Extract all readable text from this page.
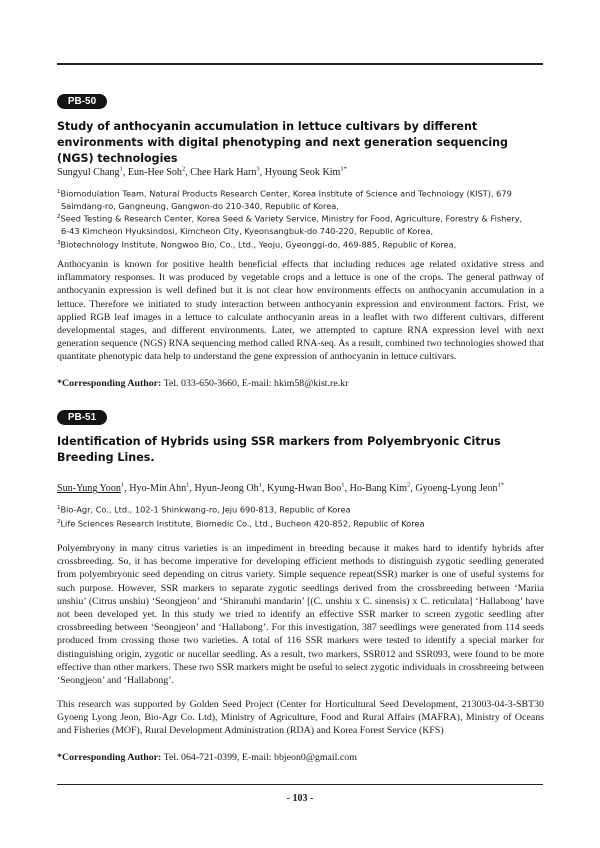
PB-50
Study of anthocyanin accumulation in lettuce cultivars by different environments with digital phenotyping and next generation sequencing (NGS) technologies
Sungyul Chang$^1$, Eun-Hee Soh$^2$, Chee Hark Harn$^3$, Hyoung Seok Kim$^{1*}$
$^1$Biomodulation Team, Natural Products Research Center, Korea Institute of Science and Technology (KIST), 679
Saimdang-ro, Gangneung, Gangwon-do 210-340, Republic of Korea,
$^2$Seed Testing & Research Center, Korea Seed & Variety Service, Ministry for Food, Agriculture, Forestry & Fishery,
6-43 Kimcheon Hyuksindosi, Kimcheon City, Kyeonsangbuk-do 740-220, Republic of Korea,
$^3$Biotechnology Institute, Nongwoo Bio, Co., Ltd., Yeoju, Gyeonggi-do, 469-885, Republic of Korea,

Anthocyanin is known for positive health beneficial effects that including reduces age related oxidative stress and inflammatory responses. It was produced by vegetable crops and a lettuce is one of the crops. The general pathway of anthocyanin expression is well defined but it is not clear how environments effects on anthocyanin accumulation in a lettuce. Therefore we initiated to study interaction between anthocyanin expression and environment factors. Frist, we applied RGB leaf images in a lettuce to calculate anthocyanin areas in a leaflet with two different cultivars, different developmental stages, and different environments. Later, we attempted to capture RNA expression level with next generation sequence (NGS) RNA sequencing method called RNA-seq. As a result, combined two technologies showed that quantitate phenotypic data help to understand the gene expression of anthocyanin in lettuce cultivars.

*Corresponding Author: Tel. 033-650-3660, E-mail: hkim58@kist.re.kr
PB-51
Identification of Hybrids using SSR markers from Polyembryonic Citrus Breeding Lines.
Sun-Yung Yoon$^1$, Hyo-Min Ahn$^1$, Hyun-Jeong Oh$^1$, Kyung-Hwan Boo$^1$, Ho-Bang Kim$^2$, Gyoeng-Lyong Jeon$^{1*}$
$^1$Bio-Agr, Co., Ltd., 102-1 Shinkwang-ro, Jeju 690-813, Republic of Korea
$^2$Life Sciences Research Institute, Biomedic Co., Ltd., Bucheon 420-852, Republic of Korea

Polyembryony in many citrus varieties is an impediment in breeding because it makes hard to identify hybrids after crossbreeding. So, it has become imperative for developing efficient methods to distinguish zygotic seedling generated from polyembryonic seed depending on citrus variety. Simple sequence repeat(SSR) marker is one of useful systems for such purpose. However, SSR markers to separate zygotic seedlings derived from the crossbreeding between ‘Mariia unshiu’ (Citrus unshiu) ‘Seongjeon’ and ‘Shiranuhi mandarin’ [(C. unshiu x C. sinensis) x C. reticulata] ‘Hallabong’ have not been developed yet. In this study we tried to identify an effective SSR marker to screen zygotic seedling after crossbreeding between ‘Seongjeon’ and ‘Hallabong’. For this investigation, 387 seedlings were generated from 114 seeds produced from crossing those two varieties. A total of 116 SSR markers were tested to identify a special marker for distinguishing origin, zygotic or nucellar seedling. As a result, two markers, SSR012 and SSR093, were found to be more effective than other markers. These two SSR markers might be useful to select zygotic individuals in crossbreeing between ‘Seongjeon’ and ‘Hallabong’.

This research was supported by Golden Seed Project (Center for Horticultural Seed Development, 213003-04-3-SBT30 Gyoeng Lyong Jeon, Bio-Agr Co. Ltd), Ministry of Agriculture, Food and Rural Affairs (MAFRA), Ministry of Oceans and Fisheries (MOF), Rural Development Administration (RDA) and Korea Forest Service (KFS)

*Corresponding Author: Tel. 064-721-0399, E-mail: bbjeon0@gmail.com
- 103 -
